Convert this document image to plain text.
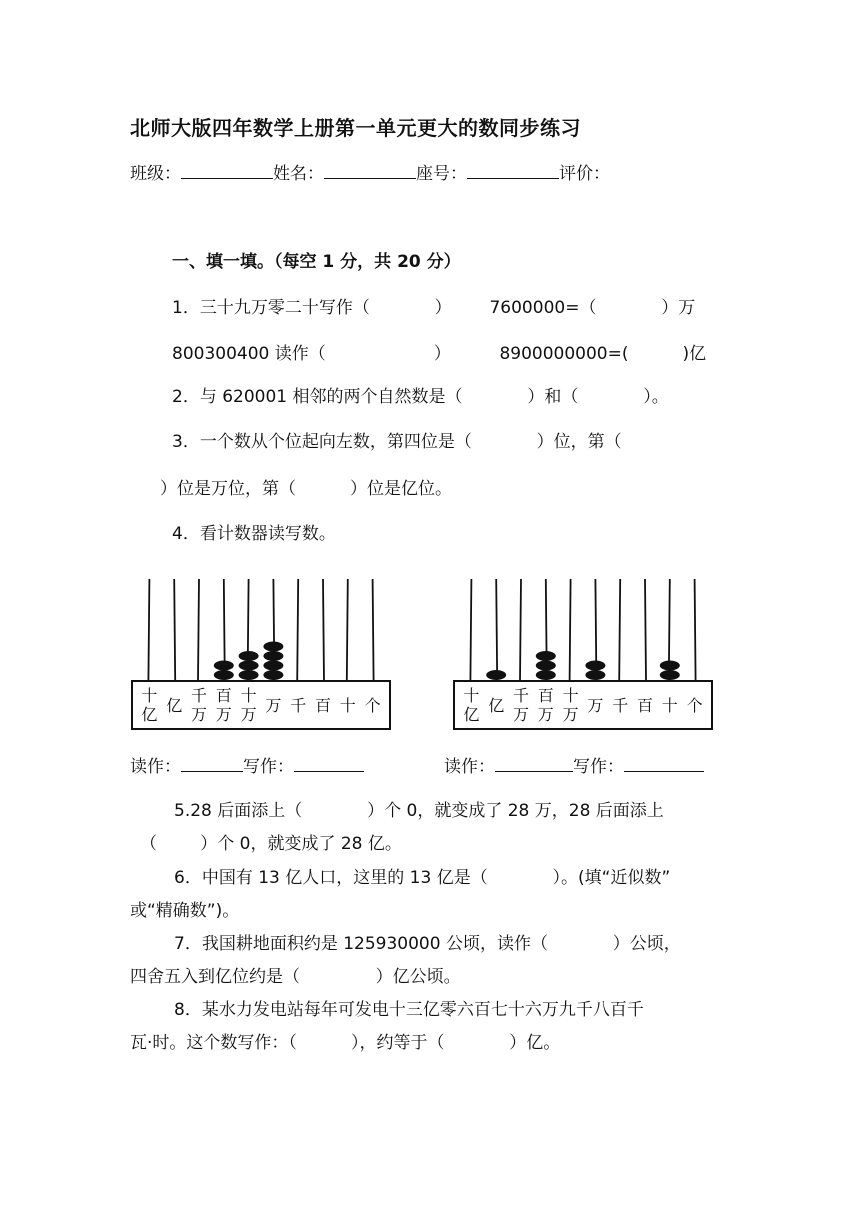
北师大版四年数学上册第一单元更大的数同步练习
班级：	姓名：	座号：	评价：
一、填一填。（每空 1 分，共 20 分）
1．三十九万零二十写作（            ）       7600000=（            ）万
800300400 读作（                    ）         8900000000=(          )亿
2．与 620001 相邻的两个自然数是（            ）和（            ）。
3．一个数从个位起向左数，第四位是（            ）位，第（
）位是万位，第（          ）位是亿位。
4．看计数器读写数。
十亿 亿
千万
百万
十万 万 千 百 十 个
十亿 亿
千万
百万
十万 万 千 百 十 个
读作：	写作：	读作：	写作：
5.28 后面添上（            ）个 0，就变成了 28 万，28 后面添上
（        ）个 0，就变成了 28 亿。
6．中国有 13 亿人口，这里的 13 亿是（            ）。(填“近似数”
或“精确数”)。
7．我国耕地面积约是 125930000 公顷，读作（            ）公顷，
四舍五入到亿位约是（              ）亿公顷。
8．某水力发电站每年可发电十三亿零六百七十六万九千八百千
瓦·时。这个数写作：（          ），约等于（            ）亿。
